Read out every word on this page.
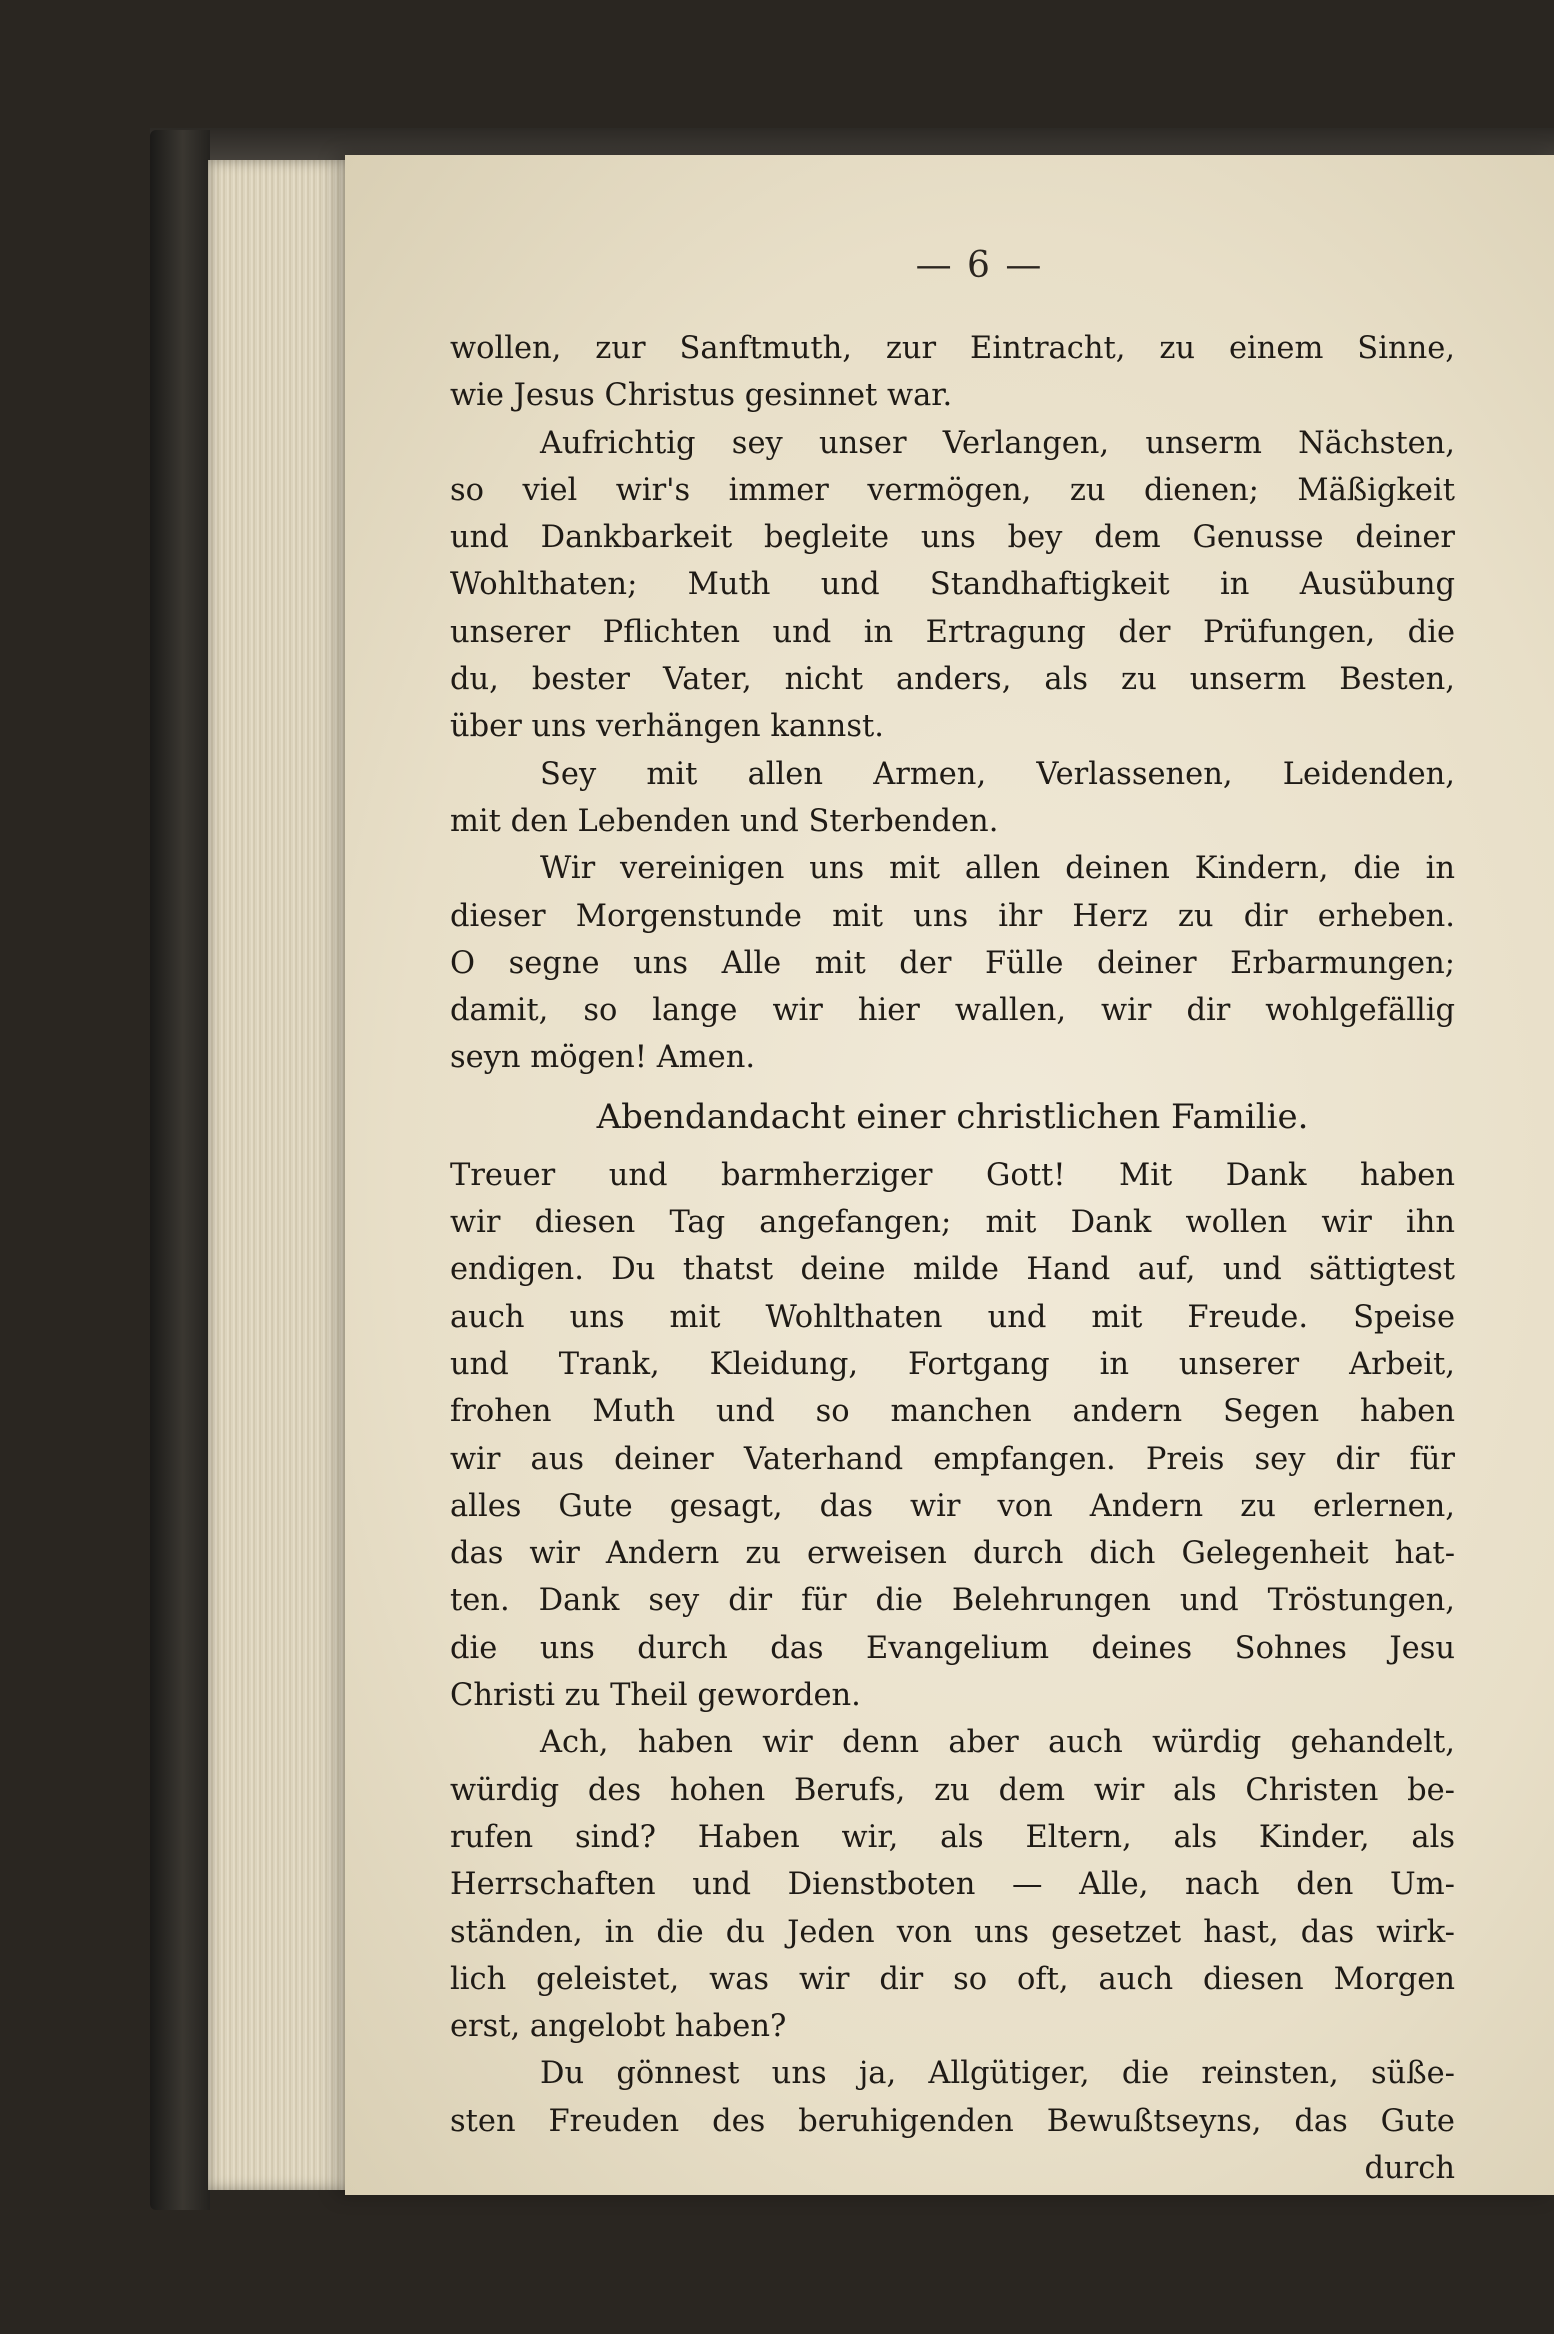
— 6 —
wollen, zur Sanftmuth, zur Eintracht, zu einem Sinne,
wie Jesus Christus gesinnet war.
Aufrichtig sey unser Verlangen, unserm Nächsten,
so viel wir's immer vermögen, zu dienen; Mäßigkeit
und Dankbarkeit begleite uns bey dem Genusse deiner
Wohlthaten; Muth und Standhaftigkeit in Ausübung
unserer Pflichten und in Ertragung der Prüfungen, die
du, bester Vater, nicht anders, als zu unserm Besten,
über uns verhängen kannst.
Sey mit allen Armen, Verlassenen, Leidenden,
mit den Lebenden und Sterbenden.
Wir vereinigen uns mit allen deinen Kindern, die in
dieser Morgenstunde mit uns ihr Herz zu dir erheben.
O segne uns Alle mit der Fülle deiner Erbarmungen;
damit, so lange wir hier wallen, wir dir wohlgefällig
seyn mögen! Amen.
Abendandacht einer christlichen Familie.
Treuer und barmherziger Gott! Mit Dank haben
wir diesen Tag angefangen; mit Dank wollen wir ihn
endigen. Du thatst deine milde Hand auf, und sättigtest
auch uns mit Wohlthaten und mit Freude. Speise
und Trank, Kleidung, Fortgang in unserer Arbeit,
frohen Muth und so manchen andern Segen haben
wir aus deiner Vaterhand empfangen. Preis sey dir für
alles Gute gesagt, das wir von Andern zu erlernen,
das wir Andern zu erweisen durch dich Gelegenheit hat-
ten. Dank sey dir für die Belehrungen und Tröstungen,
die uns durch das Evangelium deines Sohnes Jesu
Christi zu Theil geworden.
Ach, haben wir denn aber auch würdig gehandelt,
würdig des hohen Berufs, zu dem wir als Christen be-
rufen sind? Haben wir, als Eltern, als Kinder, als
Herrschaften und Dienstboten — Alle, nach den Um-
ständen, in die du Jeden von uns gesetzet hast, das wirk-
lich geleistet, was wir dir so oft, auch diesen Morgen
erst, angelobt haben?
Du gönnest uns ja, Allgütiger, die reinsten, süße-
sten Freuden des beruhigenden Bewußtseyns, das Gute
durch
